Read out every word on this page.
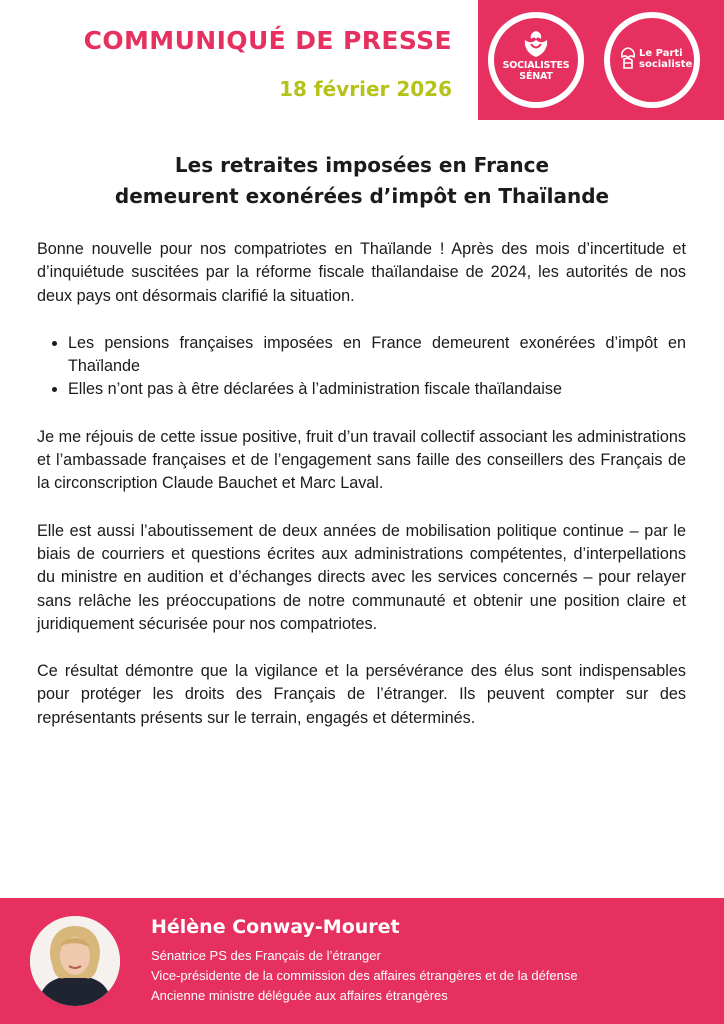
COMMUNIQUÉ DE PRESSE
18 février 2026
SOCIALISTES
SÉNAT
Le Parti
socialiste
Les retraites imposées en France
demeurent exonérées d’impôt en Thaïlande

Bonne nouvelle pour nos compatriotes en Thaïlande ! Après des mois d’incertitude et d’inquiétude suscitées par la réforme fiscale thaïlandaise de 2024, les autorités de nos deux pays ont désormais clarifié la situation.

• Les pensions françaises imposées en France demeurent exonérées d’impôt en Thaïlande
• Elles n’ont pas à être déclarées à l’administration fiscale thaïlandaise

Je me réjouis de cette issue positive, fruit d’un travail collectif associant les administrations et l’ambassade françaises et de l’engagement sans faille des conseillers des Français de la circonscription Claude Bauchet et Marc Laval.

Elle est aussi l’aboutissement de deux années de mobilisation politique continue – par le biais de courriers et questions écrites aux administrations compétentes, d’interpellations du ministre en audition et d’échanges directs avec les services concernés – pour relayer sans relâche les préoccupations de notre communauté et obtenir une position claire et juridiquement sécurisée pour nos compatriotes.

Ce résultat démontre que la vigilance et la persévérance des élus sont indispensables pour protéger les droits des Français de l’étranger. Ils peuvent compter sur des représentants présents sur le terrain, engagés et déterminés.

Hélène Conway-Mouret
Sénatrice PS des Français de l’étranger
Vice-présidente de la commission des affaires étrangères et de la défense
Ancienne ministre déléguée aux affaires étrangères
